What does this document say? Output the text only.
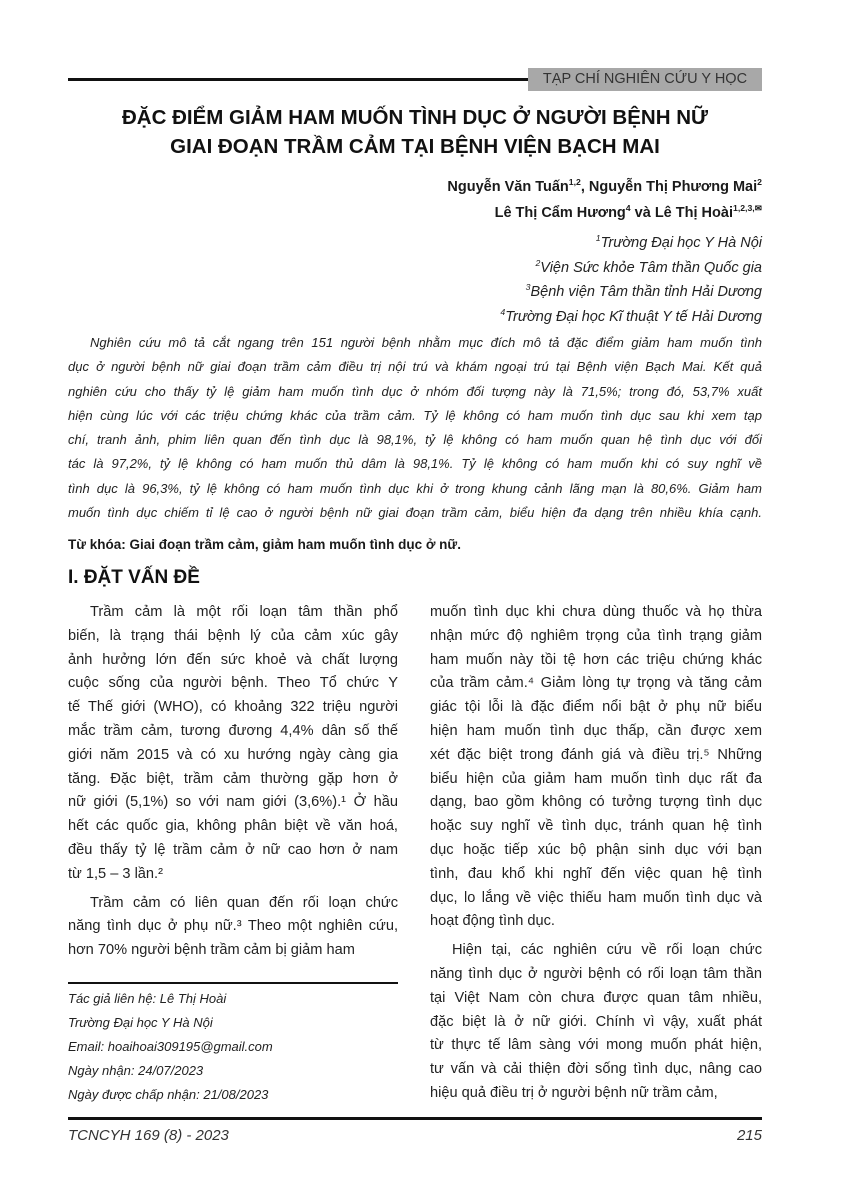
TẠP CHÍ NGHIÊN CỨU Y HỌC
ĐẶC ĐIỂM GIẢM HAM MUỐN TÌNH DỤC Ở NGƯỜI BỆNH NỮ
GIAI ĐOẠN TRẦM CẢM TẠI BỆNH VIỆN BẠCH MAI
Nguyễn Văn Tuấn$^{1,2}$, Nguyễn Thị Phương Mai$^2$
Lê Thị Cẩm Hương$^4$ và Lê Thị Hoài$^{1,2,3,✉}$
$^1$Trường Đại học Y Hà Nội
$^2$Viện Sức khỏe Tâm thần Quốc gia
$^3$Bệnh viện Tâm thần tỉnh Hải Dương
$^4$Trường Đại học Kĩ thuật Y tế Hải Dương
Nghiên cứu mô tả cắt ngang trên 151 người bệnh nhằm mục đích mô tả đặc điểm giảm ham muốn tình
dục ở người bệnh nữ giai đoạn trầm cảm điều trị nội trú và khám ngoại trú tại Bệnh viện Bạch Mai. Kết quả
nghiên cứu cho thấy tỷ lệ giảm ham muốn tình dục ở nhóm đối tượng này là 71,5%; trong đó, 53,7% xuất
hiện cùng lúc với các triệu chứng khác của trầm cảm. Tỷ lệ không có ham muốn tình dục sau khi xem tạp
chí, tranh ảnh, phim liên quan đến tình dục là 98,1%, tỷ lệ không có ham muốn quan hệ tình dục với đối
tác là 97,2%, tỷ lệ không có ham muốn thủ dâm là 98,1%. Tỷ lệ không có ham muốn khi có suy nghĩ về
tình dục là 96,3%, tỷ lệ không có ham muốn tình dục khi ở trong khung cảnh lãng mạn là 80,6%. Giảm ham
muốn tình dục chiếm tỉ lệ cao ở người bệnh nữ giai đoạn trầm cảm, biểu hiện đa dạng trên nhiều khía cạnh.
Từ khóa: Giai đoạn trầm cảm, giảm ham muốn tình dục ở nữ.
I. ĐẶT VẤN ĐỀ
Trầm cảm là một rối loạn tâm thần phổ
biến, là trạng thái bệnh lý của cảm xúc gây
ảnh hưởng lớn đến sức khoẻ và chất lượng
cuộc sống của người bệnh. Theo Tổ chức Y
tế Thế giới (WHO), có khoảng 322 triệu người
mắc trầm cảm, tương đương 4,4% dân số thế
giới năm 2015 và có xu hướng ngày càng gia
tăng. Đặc biệt, trầm cảm thường gặp hơn ở
nữ giới (5,1%) so với nam giới (3,6%).¹ Ở hầu
hết các quốc gia, không phân biệt về văn hoá,
đều thấy tỷ lệ trầm cảm ở nữ cao hơn ở nam
từ 1,5 – 3 lần.²
Trầm cảm có liên quan đến rối loạn chức
năng tình dục ở phụ nữ.³ Theo một nghiên cứu,
hơn 70% người bệnh trầm cảm bị giảm ham
muốn tình dục khi chưa dùng thuốc và họ thừa
nhận mức độ nghiêm trọng của tình trạng giảm
ham muốn này tồi tệ hơn các triệu chứng khác
của trầm cảm.⁴ Giảm lòng tự trọng và tăng cảm
giác tội lỗi là đặc điểm nổi bật ở phụ nữ biểu
hiện ham muốn tình dục thấp, cần được xem
xét đặc biệt trong đánh giá và điều trị.⁵ Những
biểu hiện của giảm ham muốn tình dục rất đa
dạng, bao gồm không có tưởng tượng tình dục
hoặc suy nghĩ về tình dục, tránh quan hệ tình
dục hoặc tiếp xúc bộ phận sinh dục với bạn
tình, đau khổ khi nghĩ đến việc quan hệ tình
dục, lo lắng về việc thiếu ham muốn tình dục và
hoạt động tình dục.
Hiện tại, các nghiên cứu về rối loạn chức
năng tình dục ở người bệnh có rối loạn tâm thần
tại Việt Nam còn chưa được quan tâm nhiều,
đặc biệt là ở nữ giới. Chính vì vậy, xuất phát
từ thực tế lâm sàng với mong muốn phát hiện,
tư vấn và cải thiện đời sống tình dục, nâng cao
hiệu quả điều trị ở người bệnh nữ trầm cảm,
Tác giả liên hệ: Lê Thị Hoài
Trường Đại học Y Hà Nội
Email: hoaihoai309195@gmail.com
Ngày nhận: 24/07/2023
Ngày được chấp nhận: 21/08/2023
TCNCYH 169 (8) - 2023	215
